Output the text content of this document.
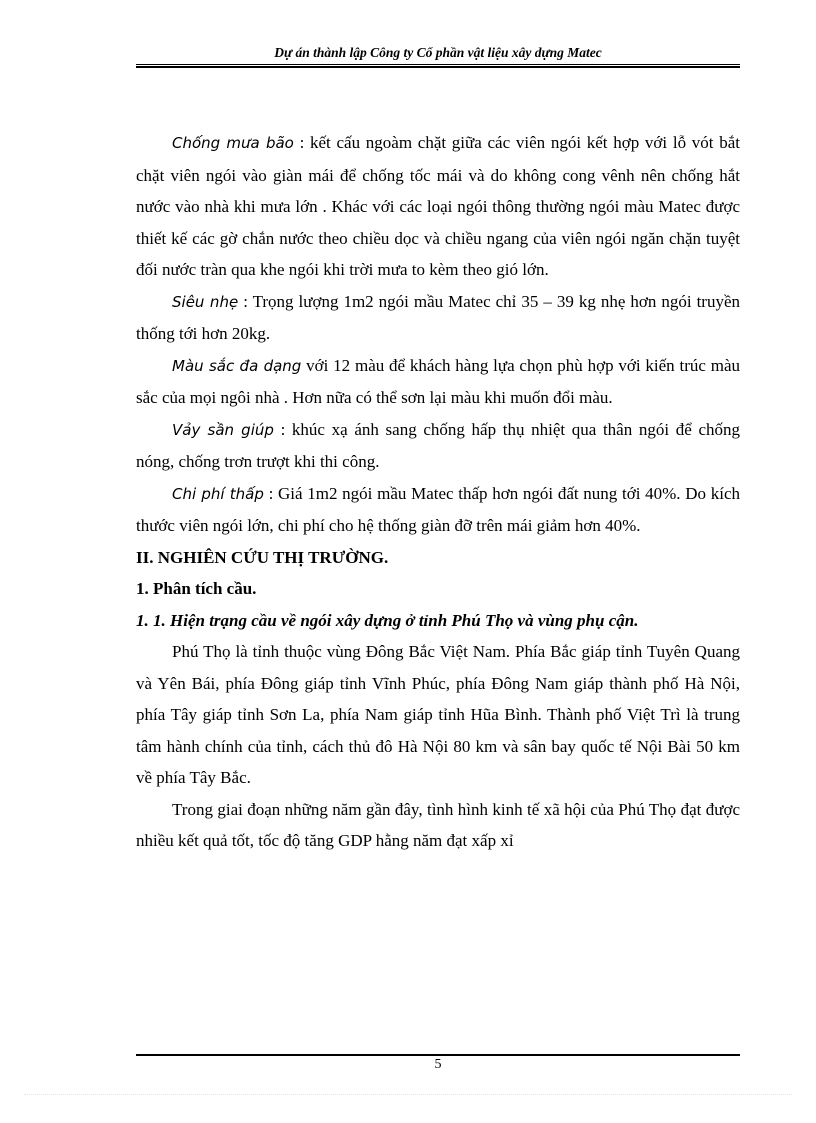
Dự án thành lập Công ty Cổ phần vật liệu xây dựng Matec

Chống mưa bão : kết cấu ngoàm chặt giữa các viên ngói kết hợp với lỗ vót bắt chặt viên ngói vào giàn mái để chống tốc mái và do không cong vênh nên chống hắt nước vào nhà khi mưa lớn . Khác với các loại ngói thông thường ngói màu Matec được thiết kế các gờ chắn nước theo chiều dọc và chiều ngang của viên ngói ngăn chặn tuyệt đối nước tràn qua khe ngói khi trời mưa to kèm theo gió lớn.

Siêu nhẹ : Trọng lượng 1m2 ngói mầu Matec chỉ 35 – 39 kg nhẹ hơn ngói truyền thống tới hơn 20kg.

Màu sắc đa dạng với 12 màu để khách hàng lựa chọn phù hợp với kiến trúc màu sắc của mọi ngôi nhà . Hơn nữa có thể sơn lại màu khi muốn đổi màu.

Vảy sần giúp : khúc xạ ánh sang chống hấp thụ nhiệt qua thân ngói để chống nóng, chống trơn trượt khi thi công.

Chi phí thấp : Giá 1m2 ngói mầu Matec thấp hơn ngói đất nung tới 40%. Do kích thước viên ngói lớn, chi phí cho hệ thống giàn đỡ trên mái giảm hơn 40%.

II. NGHIÊN CỨU THỊ TRƯỜNG.

1. Phân tích cầu.

1. 1. Hiện trạng cầu về ngói xây dựng ở tỉnh Phú Thọ và vùng phụ cận.

Phú Thọ là tỉnh thuộc vùng Đông Bắc Việt Nam. Phía Bắc giáp tỉnh Tuyên Quang và Yên Bái, phía Đông giáp tỉnh Vĩnh Phúc, phía Đông Nam giáp thành phố Hà Nội, phía Tây giáp tỉnh Sơn La, phía Nam giáp tỉnh Hũa Bình. Thành phố Việt Trì là trung tâm hành chính của tỉnh, cách thủ đô Hà Nội 80 km và sân bay quốc tế Nội Bài 50 km về phía Tây Bắc.

Trong giai đoạn những năm gần đây, tình hình kinh tế xã hội của Phú Thọ đạt được nhiều kết quả tốt, tốc độ tăng GDP hằng năm đạt xấp xỉ

5
